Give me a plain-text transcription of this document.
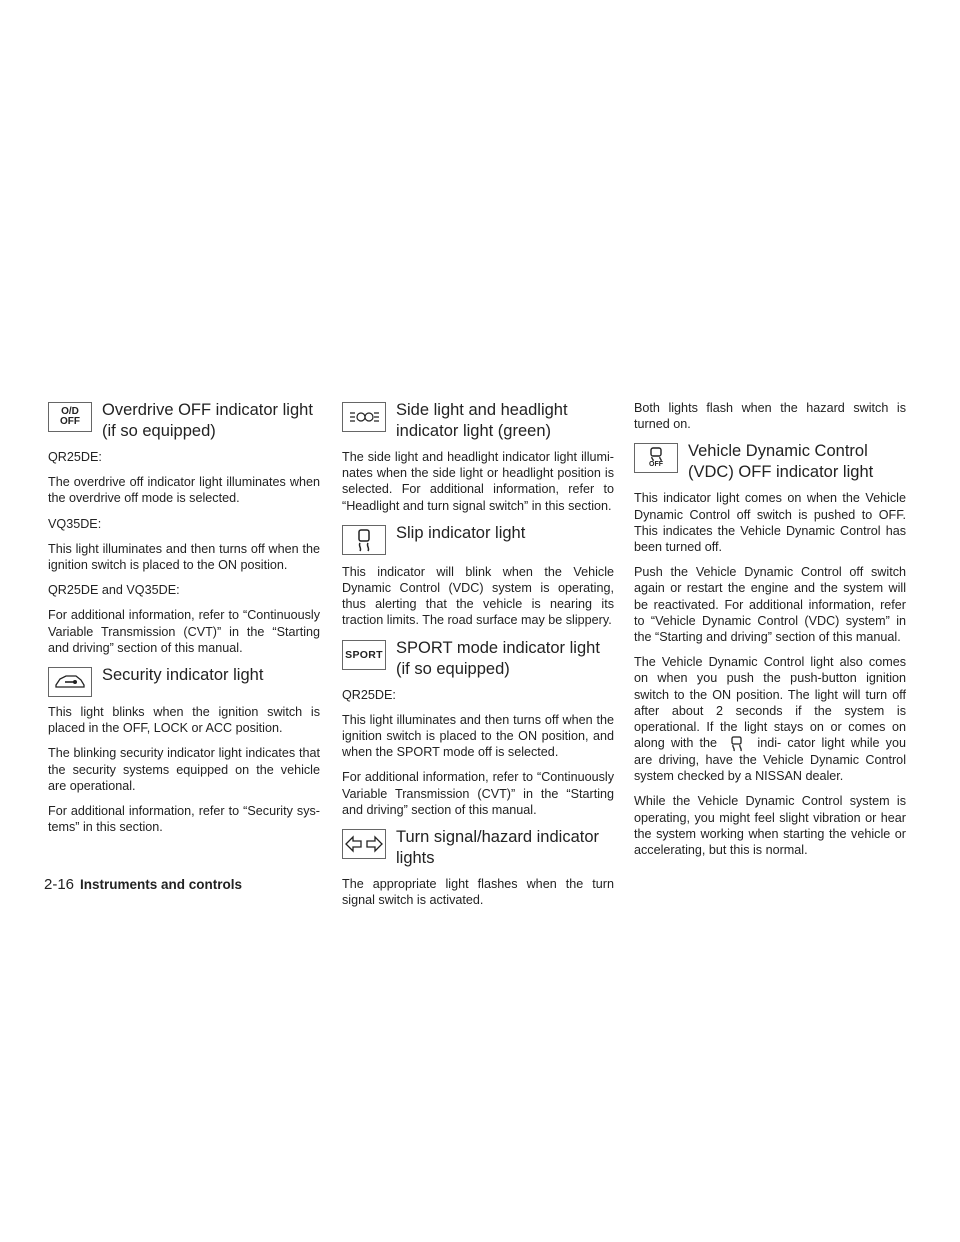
O/D
OFF
Overdrive OFF indicator light (if so equipped)

QR25DE:

The overdrive off indicator light illuminates when the overdrive off mode is selected.

VQ35DE:

This light illuminates and then turns off when the ignition switch is placed to the ON position.

QR25DE and VQ35DE:

For additional information, refer to “Continuously Variable Transmission (CVT)” in the “Starting and driving” section of this manual.

Security indicator light

This light blinks when the ignition switch is placed in the OFF, LOCK or ACC position.

The blinking security indicator light indicates that the security systems equipped on the vehicle are operational.

For additional information, refer to “Security sys- tems” in this section.

Side light and headlight indicator light (green)

The side light and headlight indicator light illumi- nates when the side light or headlight position is selected. For additional information, refer to “Headlight and turn signal switch” in this section.

Slip indicator light

This indicator will blink when the Vehicle Dynamic Control (VDC) system is operating, thus alerting that the vehicle is nearing its traction limits. The road surface may be slippery.

SPORT SPORT mode indicator light (if so equipped)

QR25DE:

This light illuminates and then turns off when the ignition switch is placed to the ON position, and when the SPORT mode off is selected.

For additional information, refer to “Continuously Variable Transmission (CVT)” in the “Starting and driving” section of this manual.

Turn signal/hazard indicator lights

The appropriate light flashes when the turn signal switch is activated.

Both lights flash when the hazard switch is turned on.

OFF
Vehicle Dynamic Control (VDC) OFF indicator light

This indicator light comes on when the Vehicle Dynamic Control off switch is pushed to OFF. This indicates the Vehicle Dynamic Control has been turned off.

Push the Vehicle Dynamic Control off switch again or restart the engine and the system will be reactivated. For additional information, refer to “Vehicle Dynamic Control (VDC) system” in the “Starting and driving” section of this manual.

The Vehicle Dynamic Control light also comes on when you push the push-button ignition switch to the ON position. The light will turn off after about 2 seconds if the system is operational. If the light stays on or comes on along with the	indi- cator light while you are driving, have the Vehicle Dynamic Control system checked by a NISSAN dealer.

While the Vehicle Dynamic Control system is operating, you might feel slight vibration or hear the system working when starting the vehicle or accelerating, but this is normal.

2-16 Instruments and controls
